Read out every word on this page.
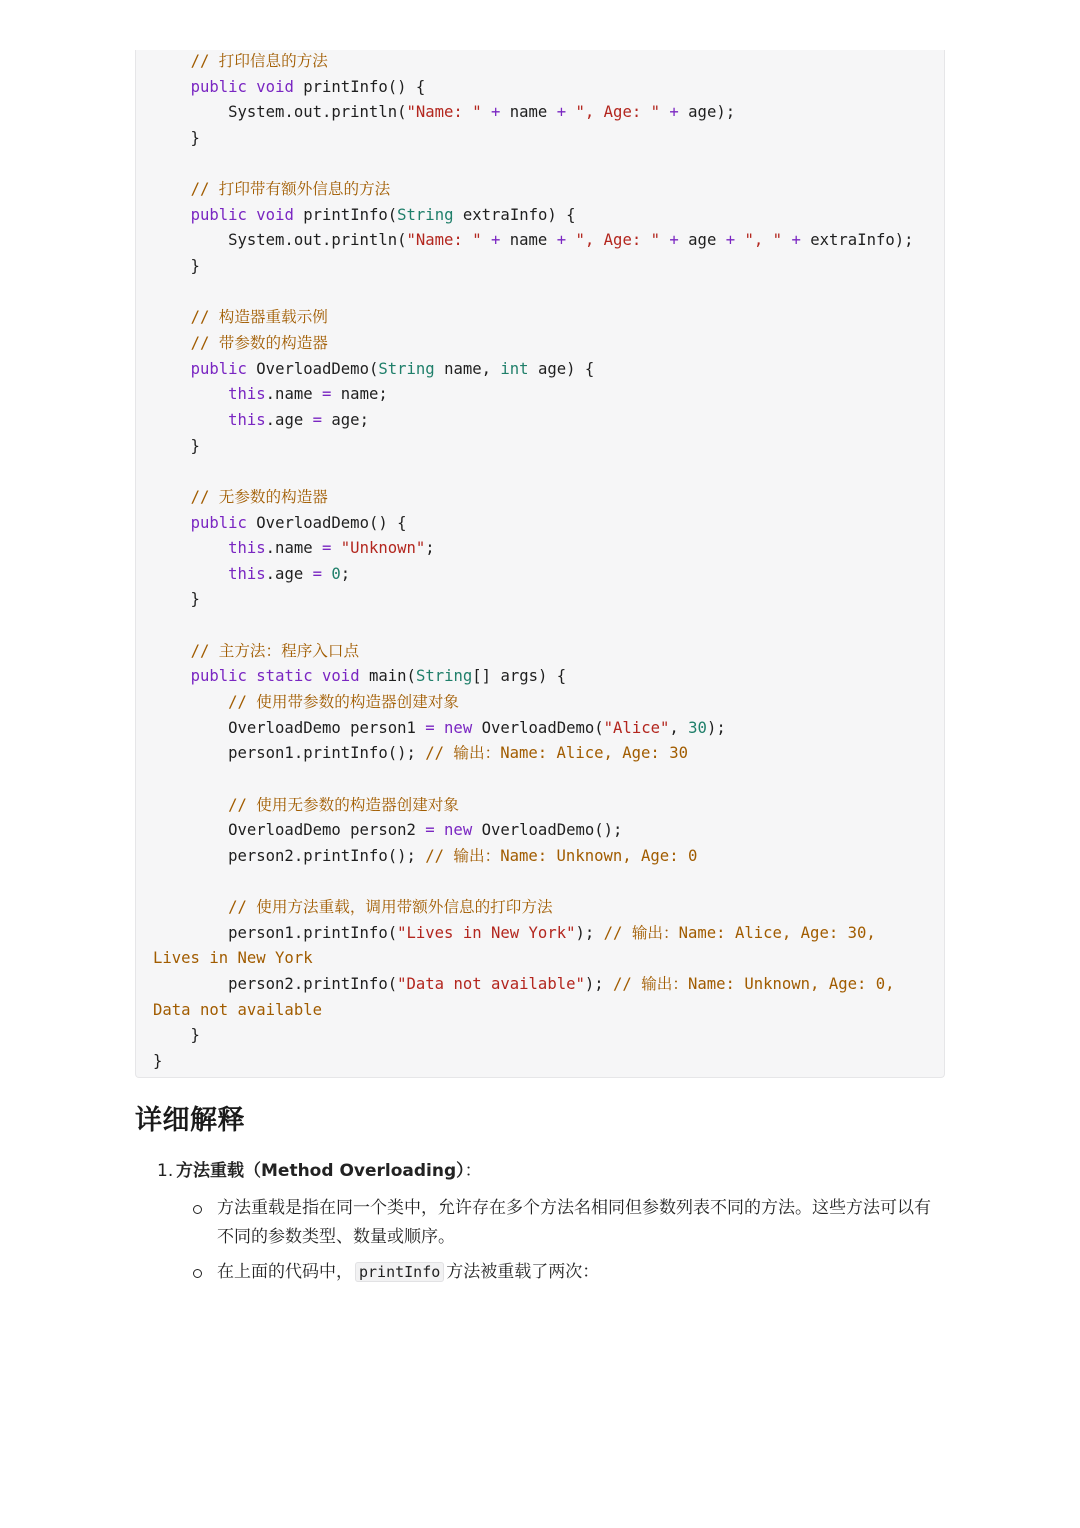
// 打印信息的方法
public void printInfo() {
System.out.println("Name: " + name + ", Age: " + age);
}
// 打印带有额外信息的方法
public void printInfo(String extraInfo) {
System.out.println("Name: " + name + ", Age: " + age + ", " + extraInfo);
}
// 构造器重载示例
// 带参数的构造器
public OverloadDemo(String name, int age) {
this.name = name;
this.age = age;
}
// 无参数的构造器
public OverloadDemo() {
this.name = "Unknown";
this.age = 0;
}
// 主方法：程序入口点
public static void main(String[] args) {
// 使用带参数的构造器创建对象
OverloadDemo person1 = new OverloadDemo("Alice", 30);
person1.printInfo(); // 输出：Name: Alice, Age: 30
// 使用无参数的构造器创建对象
OverloadDemo person2 = new OverloadDemo();
person2.printInfo(); // 输出：Name: Unknown, Age: 0
// 使用方法重载，调用带额外信息的打印方法
person1.printInfo("Lives in New York"); // 输出：Name: Alice, Age: 30,
Lives in New York
person2.printInfo("Data not available"); // 输出：Name: Unknown, Age: 0,
Data not available
}
}
详细解释
1. 方法重载（Method Overloading）：
方法重载是指在同一个类中，允许存在多个方法名相同但参数列表不同的方法。这些方法可以有不同的参数类型、数量或顺序。
在上面的代码中， printInfo 方法被重载了两次：
